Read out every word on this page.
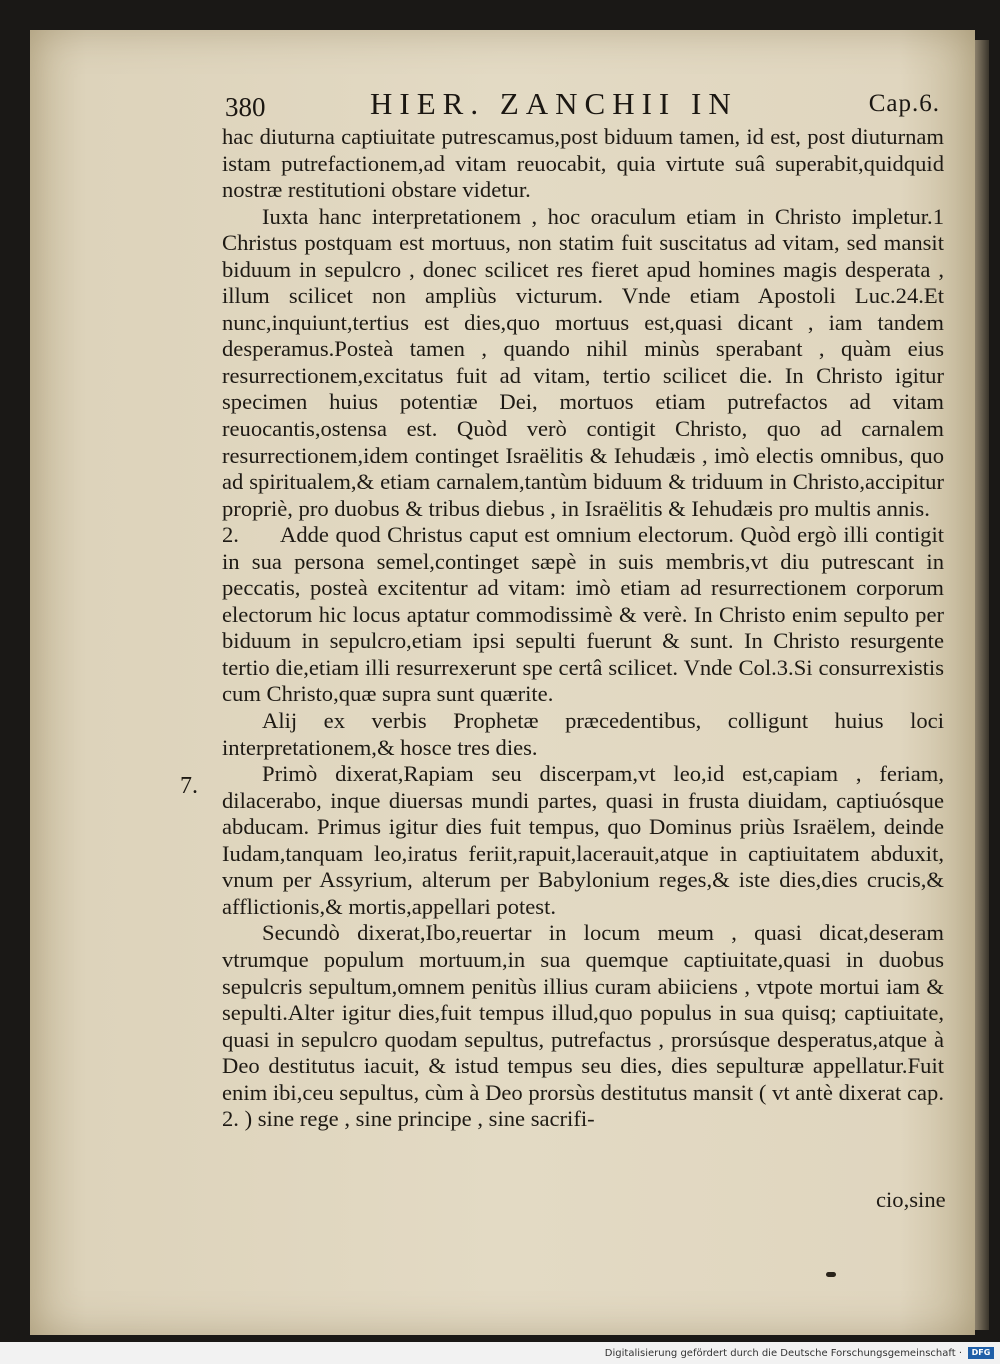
380	HIER. ZANCHII IN	Cap.6.

hac diuturna captiuitate putrescamus,post biduum tamen, id est, post diuturnam istam putrefactionem,ad vitam reuocabit, quia virtute suâ superabit,quidquid nostræ restitutioni obstare videtur.

Iuxta hanc interpretationem , hoc oraculum etiam in Christo impletur.1 Christus postquam est mortuus, non statim fuit suscitatus ad vitam, sed mansit biduum in sepulcro , donec scilicet res fieret apud homines magis desperata , illum scilicet non ampliùs victurum. Vnde etiam Apostoli Luc.24.Et nunc,inquiunt,tertius est dies,quo mortuus est,quasi dicant , iam tandem desperamus.Posteà tamen , quando nihil minùs sperabant , quàm eius resurrectionem,excitatus fuit ad vitam, tertio scilicet die. In Christo igitur specimen huius potentiæ Dei, mortuos etiam putrefactos ad vitam reuocantis,ostensa est. Quòd verò contigit Christo, quo ad carnalem resurrectionem,idem continget Israëlitis & Iehudæis , imò electis omnibus, quo ad spiritualem,& etiam carnalem,tantùm biduum & triduum in Christo,accipitur propriè, pro duobus & tribus diebus , in Israëlitis & Iehudæis pro multis annis.

2. Adde quod Christus caput est omnium electorum. Quòd ergò illi contigit in sua persona semel,continget sæpè in suis membris,vt diu putrescant in peccatis, posteà excitentur ad vitam: imò etiam ad resurrectionem corporum electorum hic locus aptatur commodissimè & verè. In Christo enim sepulto per biduum in sepulcro,etiam ipsi sepulti fuerunt & sunt. In Christo resurgente tertio die,etiam illi resurrexerunt spe certâ scilicet. Vnde Col.3.Si consurrexistis cum Christo,quæ supra sunt quærite.

Alij ex verbis Prophetæ præcedentibus, colligunt huius loci interpretationem,& hosce tres dies.

Primò dixerat,Rapiam seu discerpam,vt leo,id est,capiam , feriam, dilacerabo, inque diuersas mundi partes, quasi in frusta diuidam, captiuósque abducam. Primus igitur dies fuit tempus, quo Dominus priùs Israëlem, deinde Iudam,tanquam leo,iratus feriit,rapuit,lacerauit,atque in captiuitatem abduxit, vnum per Assyrium, alterum per Babylonium reges,& iste dies,dies crucis,& afflictionis,& mortis,appellari potest.

Secundò dixerat,Ibo,reuertar in locum meum , quasi dicat,deseram vtrumque populum mortuum,in sua quemque captiuitate,quasi in duobus sepulcris sepultum,omnem penitùs illius curam abiiciens , vtpote mortui iam & sepulti.Alter igitur dies,fuit tempus illud,quo populus in sua quisq; captiuitate, quasi in sepulcro quodam sepultus, putrefactus , prorsúsque desperatus,atque à Deo destitutus iacuit, & istud tempus seu dies, dies sepulturæ appellatur.Fuit enim ibi,ceu sepultus, cùm à Deo prorsùs destitutus mansit ( vt antè dixerat cap. 2. ) sine rege , sine principe , sine sacrifi-

7.
cio,sine
Digitalisierung gefördert durch die Deutsche Forschungsgemeinschaft ·	DFG
